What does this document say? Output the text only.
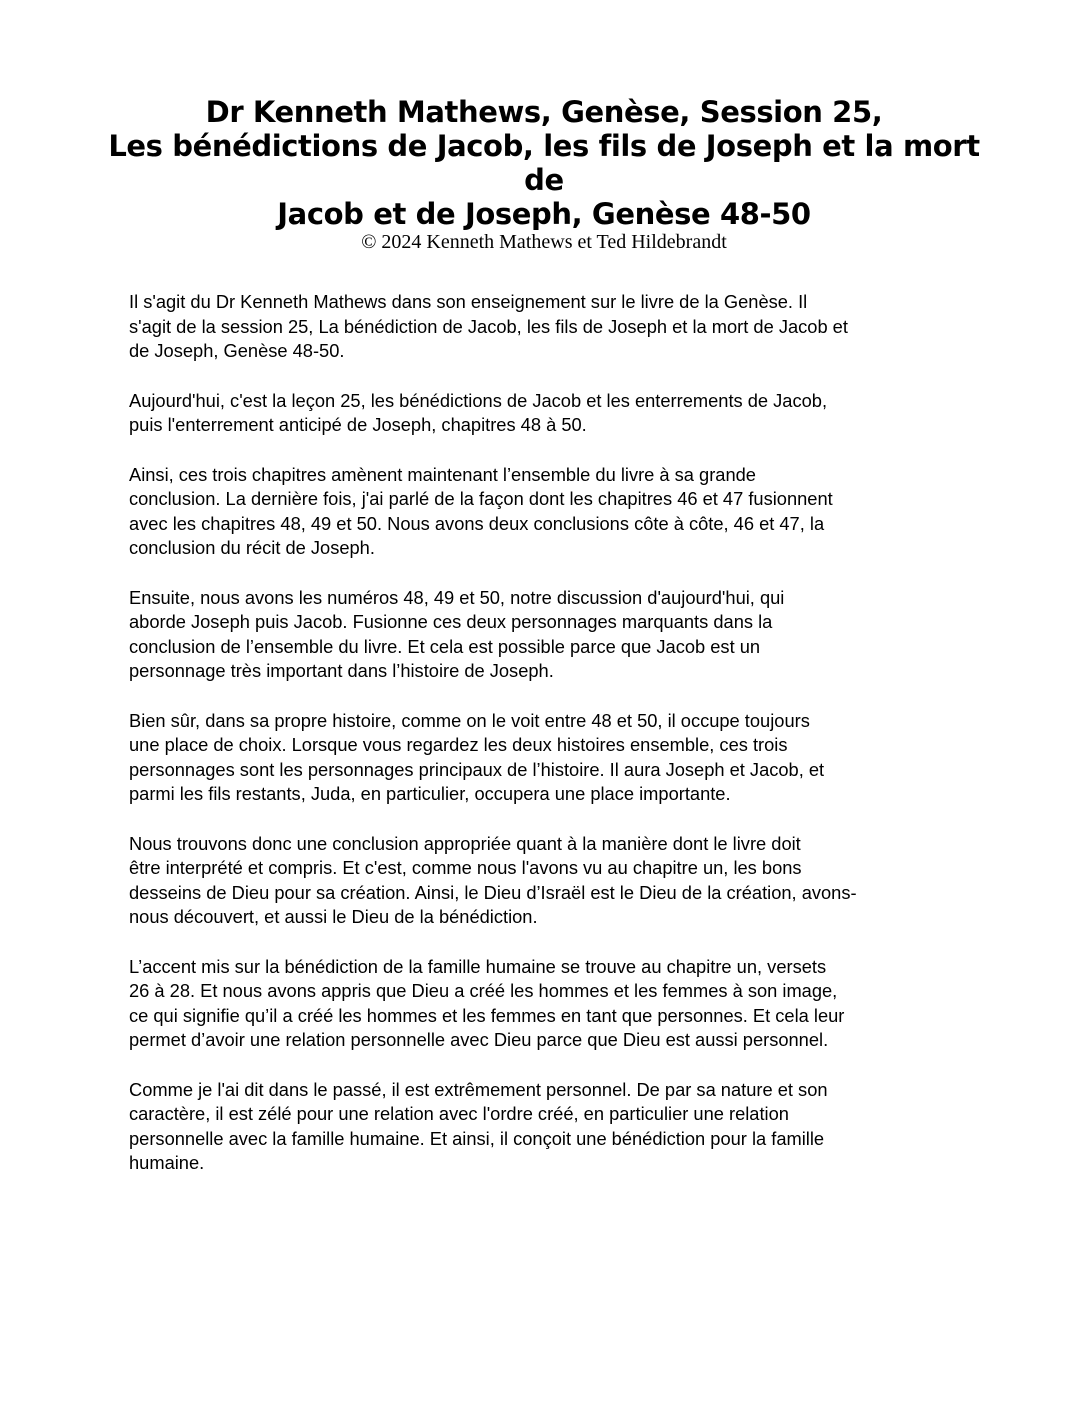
Dr Kenneth Mathews, Genèse, Session 25,
Les bénédictions de Jacob, les fils de Joseph et la mort
de
Jacob et de Joseph, Genèse 48-50
© 2024 Kenneth Mathews et Ted Hildebrandt

Il s'agit du Dr Kenneth Mathews dans son enseignement sur le livre de la Genèse. Il
s'agit de la session 25, La bénédiction de Jacob, les fils de Joseph et la mort de Jacob et
de Joseph, Genèse 48-50.

Aujourd'hui, c'est la leçon 25, les bénédictions de Jacob et les enterrements de Jacob,
puis l'enterrement anticipé de Joseph, chapitres 48 à 50.

Ainsi, ces trois chapitres amènent maintenant l’ensemble du livre à sa grande
conclusion. La dernière fois, j'ai parlé de la façon dont les chapitres 46 et 47 fusionnent
avec les chapitres 48, 49 et 50. Nous avons deux conclusions côte à côte, 46 et 47, la
conclusion du récit de Joseph.

Ensuite, nous avons les numéros 48, 49 et 50, notre discussion d'aujourd'hui, qui
aborde Joseph puis Jacob. Fusionne ces deux personnages marquants dans la
conclusion de l’ensemble du livre. Et cela est possible parce que Jacob est un
personnage très important dans l’histoire de Joseph.

Bien sûr, dans sa propre histoire, comme on le voit entre 48 et 50, il occupe toujours
une place de choix. Lorsque vous regardez les deux histoires ensemble, ces trois
personnages sont les personnages principaux de l’histoire. Il aura Joseph et Jacob, et
parmi les fils restants, Juda, en particulier, occupera une place importante.

Nous trouvons donc une conclusion appropriée quant à la manière dont le livre doit
être interprété et compris. Et c'est, comme nous l'avons vu au chapitre un, les bons
desseins de Dieu pour sa création. Ainsi, le Dieu d’Israël est le Dieu de la création, avons-
nous découvert, et aussi le Dieu de la bénédiction.

L’accent mis sur la bénédiction de la famille humaine se trouve au chapitre un, versets
26 à 28. Et nous avons appris que Dieu a créé les hommes et les femmes à son image,
ce qui signifie qu’il a créé les hommes et les femmes en tant que personnes. Et cela leur
permet d’avoir une relation personnelle avec Dieu parce que Dieu est aussi personnel.

Comme je l'ai dit dans le passé, il est extrêmement personnel. De par sa nature et son
caractère, il est zélé pour une relation avec l'ordre créé, en particulier une relation
personnelle avec la famille humaine. Et ainsi, il conçoit une bénédiction pour la famille
humaine.
